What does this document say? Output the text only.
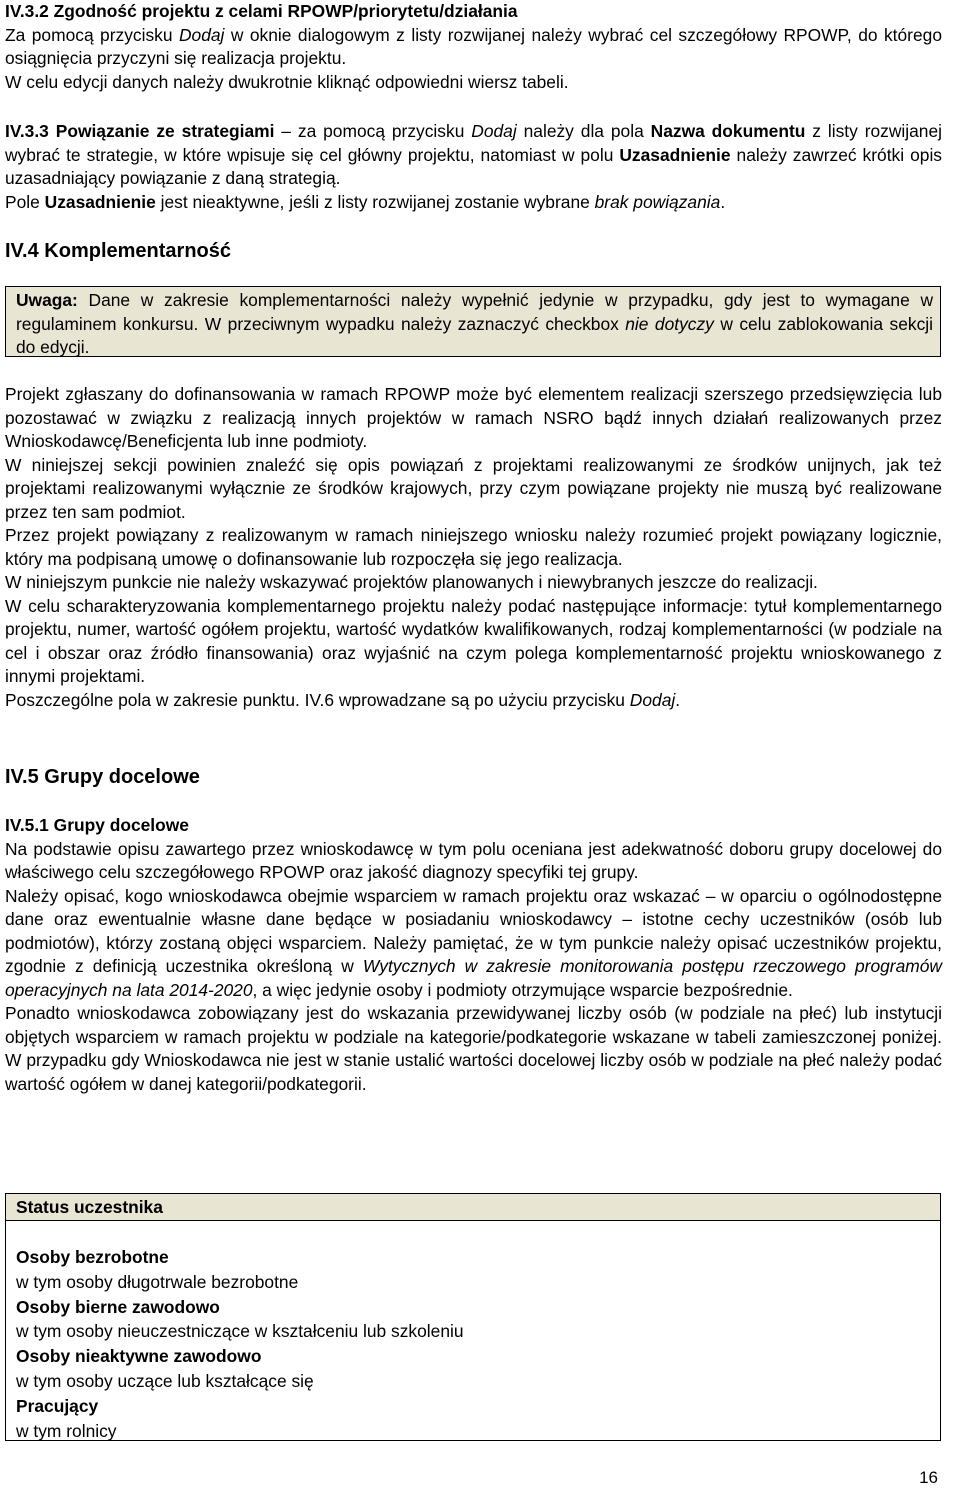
IV.3.2 Zgodność projektu z celami RPOWP/priorytetu/działania

Za pomocą przycisku Dodaj w oknie dialogowym z listy rozwijanej należy wybrać cel szczegółowy RPOWP, do którego osiągnięcia przyczyni się realizacja projektu.

W celu edycji danych należy dwukrotnie kliknąć odpowiedni wiersz tabeli.

IV.3.3 Powiązanie ze strategiami – za pomocą przycisku Dodaj należy dla pola Nazwa dokumentu z listy rozwijanej wybrać te strategie, w które wpisuje się cel główny projektu, natomiast w polu Uzasadnienie należy zawrzeć krótki opis uzasadniający powiązanie z daną strategią.

Pole Uzasadnienie jest nieaktywne, jeśli z listy rozwijanej zostanie wybrane brak powiązania.

IV.4 Komplementarność

Projekt zgłaszany do dofinansowania w ramach RPOWP może być elementem realizacji szerszego przedsięwzięcia lub pozostawać w związku z realizacją innych projektów w ramach NSRO bądź innych działań realizowanych przez Wnioskodawcę/Beneficjenta lub inne podmioty.

W niniejszej sekcji powinien znaleźć się opis powiązań z projektami realizowanymi ze środków unijnych, jak też projektami realizowanymi wyłącznie ze środków krajowych, przy czym powiązane projekty nie muszą być realizowane przez ten sam podmiot.

Przez projekt powiązany z realizowanym w ramach niniejszego wniosku należy rozumieć projekt powiązany logicznie, który ma podpisaną umowę o dofinansowanie lub rozpoczęła się jego realizacja.

W niniejszym punkcie nie należy wskazywać projektów planowanych i niewybranych jeszcze do realizacji.

W celu scharakteryzowania komplementarnego projektu należy podać następujące informacje: tytuł komplementarnego projektu, numer, wartość ogółem projektu, wartość wydatków kwalifikowanych, rodzaj komplementarności (w podziale na cel i obszar oraz źródło finansowania) oraz wyjaśnić na czym polega komplementarność projektu wnioskowanego z innymi projektami.

Poszczególne pola w zakresie punktu. IV.6 wprowadzane są po użyciu przycisku Dodaj.

IV.5 Grupy docelowe

IV.5.1 Grupy docelowe

Na podstawie opisu zawartego przez wnioskodawcę w tym polu oceniana jest adekwatność doboru grupy docelowej do właściwego celu szczegółowego RPOWP oraz jakość diagnozy specyfiki tej grupy.

Należy opisać, kogo wnioskodawca obejmie wsparciem w ramach projektu oraz wskazać – w oparciu o ogólnodostępne dane oraz ewentualnie własne dane będące w posiadaniu wnioskodawcy – istotne cechy uczestników (osób lub podmiotów), którzy zostaną objęci wsparciem. Należy pamiętać, że w tym punkcie należy opisać uczestników projektu, zgodnie z definicją uczestnika określoną w Wytycznych w zakresie monitorowania postępu rzeczowego programów operacyjnych na lata 2014-2020, a więc jedynie osoby i podmioty otrzymujące wsparcie bezpośrednie.

Ponadto wnioskodawca zobowiązany jest do wskazania przewidywanej liczby osób (w podziale na płeć) lub instytucji objętych wsparciem w ramach projektu w podziale na kategorie/podkategorie wskazane w tabeli zamieszczonej poniżej. W przypadku gdy Wnioskodawca nie jest w stanie ustalić wartości docelowej liczby osób w podziale na płeć należy podać wartość ogółem w danej kategorii/podkategorii.

Uwaga: Dane w zakresie komplementarności należy wypełnić jedynie w przypadku, gdy jest to wymagane w regulaminem konkursu. W przeciwnym wypadku należy zaznaczyć checkbox nie dotyczy w celu zablokowania sekcji do edycji.

Status uczestnika
Osoby bezrobotne
w tym osoby długotrwale bezrobotne
Osoby bierne zawodowo
w tym osoby nieuczestniczące w kształceniu lub szkoleniu
Osoby nieaktywne zawodowo
w tym osoby uczące lub kształcące się
Pracujący
w tym rolnicy
16
